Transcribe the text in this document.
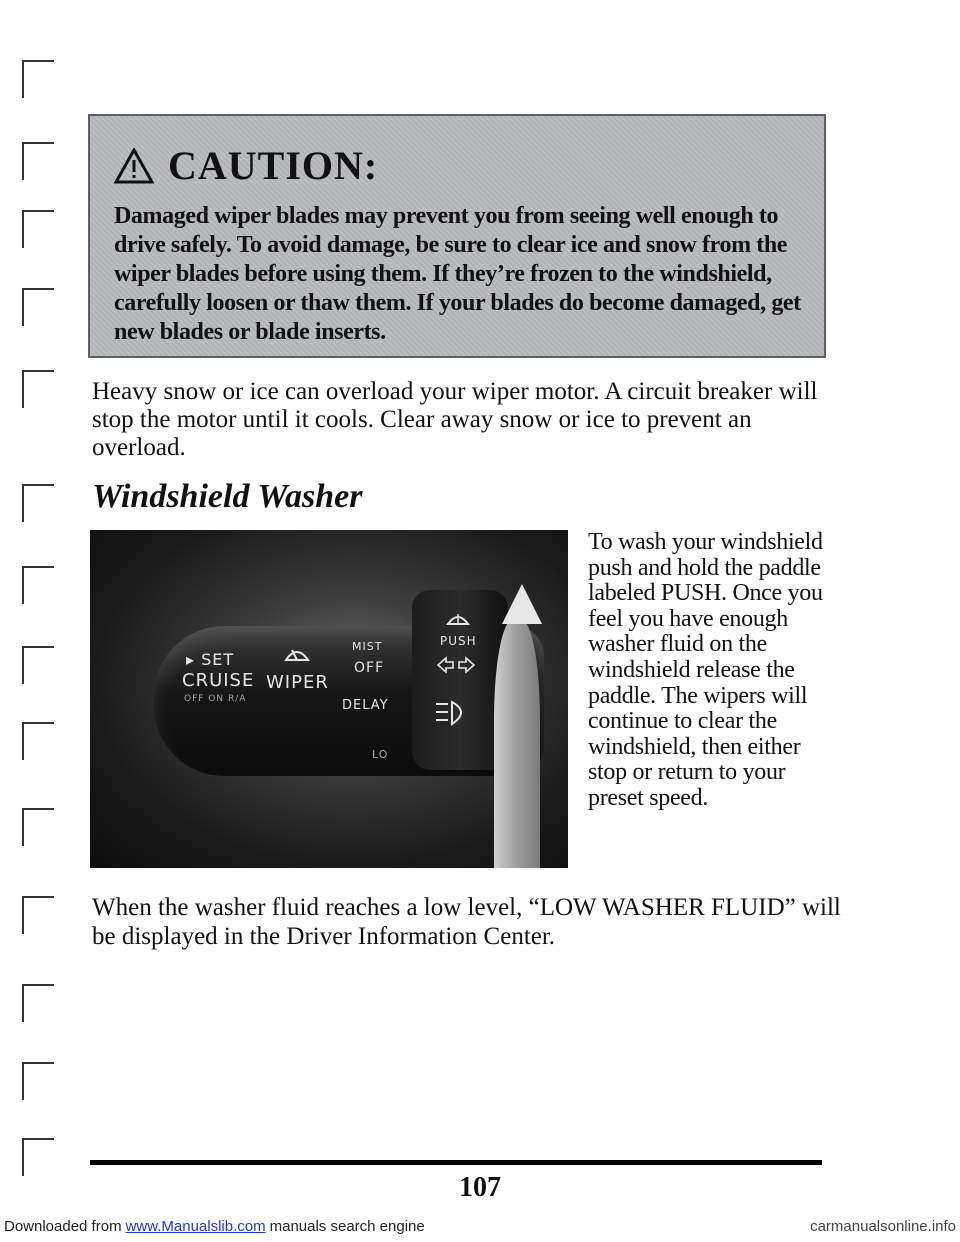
CAUTION:
Damaged wiper blades may prevent you from seeing well enough to drive safely. To avoid damage, be sure to clear ice and snow from the wiper blades before using them. If they’re frozen to the windshield, carefully loosen or thaw them. If your blades do become damaged, get new blades or blade inserts.
Heavy snow or ice can overload your wiper motor. A circuit breaker will stop the motor until it cools. Clear away snow or ice to prevent an overload.
Windshield Washer
▸ SET
CRUISE
OFF ON R/A
WIPER
MIST
OFF
PUSH
DELAY
LO
To wash your windshield push and hold the paddle labeled PUSH. Once you feel you have enough washer fluid on the windshield release the paddle. The wipers will continue to clear the windshield, then either stop or return to your preset speed.
When the washer fluid reaches a low level, “LOW WASHER FLUID” will be displayed in the Driver Information Center.
107
Downloaded from www.Manualslib.com manuals search engine	carmanualsonline.info
